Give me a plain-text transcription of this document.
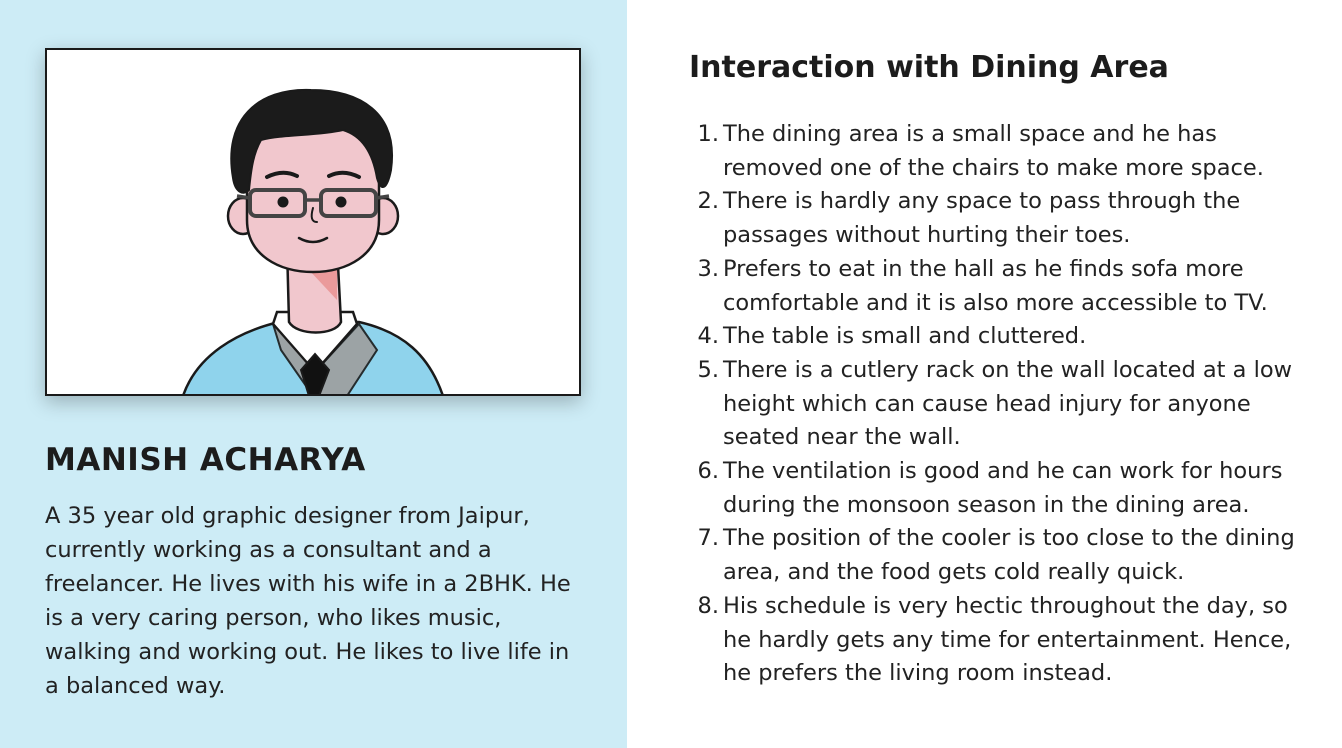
MANISH ACHARYA

A 35 year old graphic designer from Jaipur, currently working as a consultant and a freelancer. He lives with his wife in a 2BHK. He is a very caring person, who likes music, walking and working out. He likes to live life in a balanced way.

Interaction with Dining Area
1. The dining area is a small space and he has removed one of the chairs to make more space.
2. There is hardly any space to pass through the passages without hurting their toes.
3. Prefers to eat in the hall as he finds sofa more comfortable and it is also more accessible to TV.
4. The table is small and cluttered.
5. There is a cutlery rack on the wall located at a low height which can cause head injury for anyone seated near the wall.
6. The ventilation is good and he can work for hours during the monsoon season in the dining area.
7. The position of the cooler is too close to the dining area, and the food gets cold really quick.
8. His schedule is very hectic throughout the day, so he hardly gets any time for entertainment. Hence, he prefers the living room instead.
